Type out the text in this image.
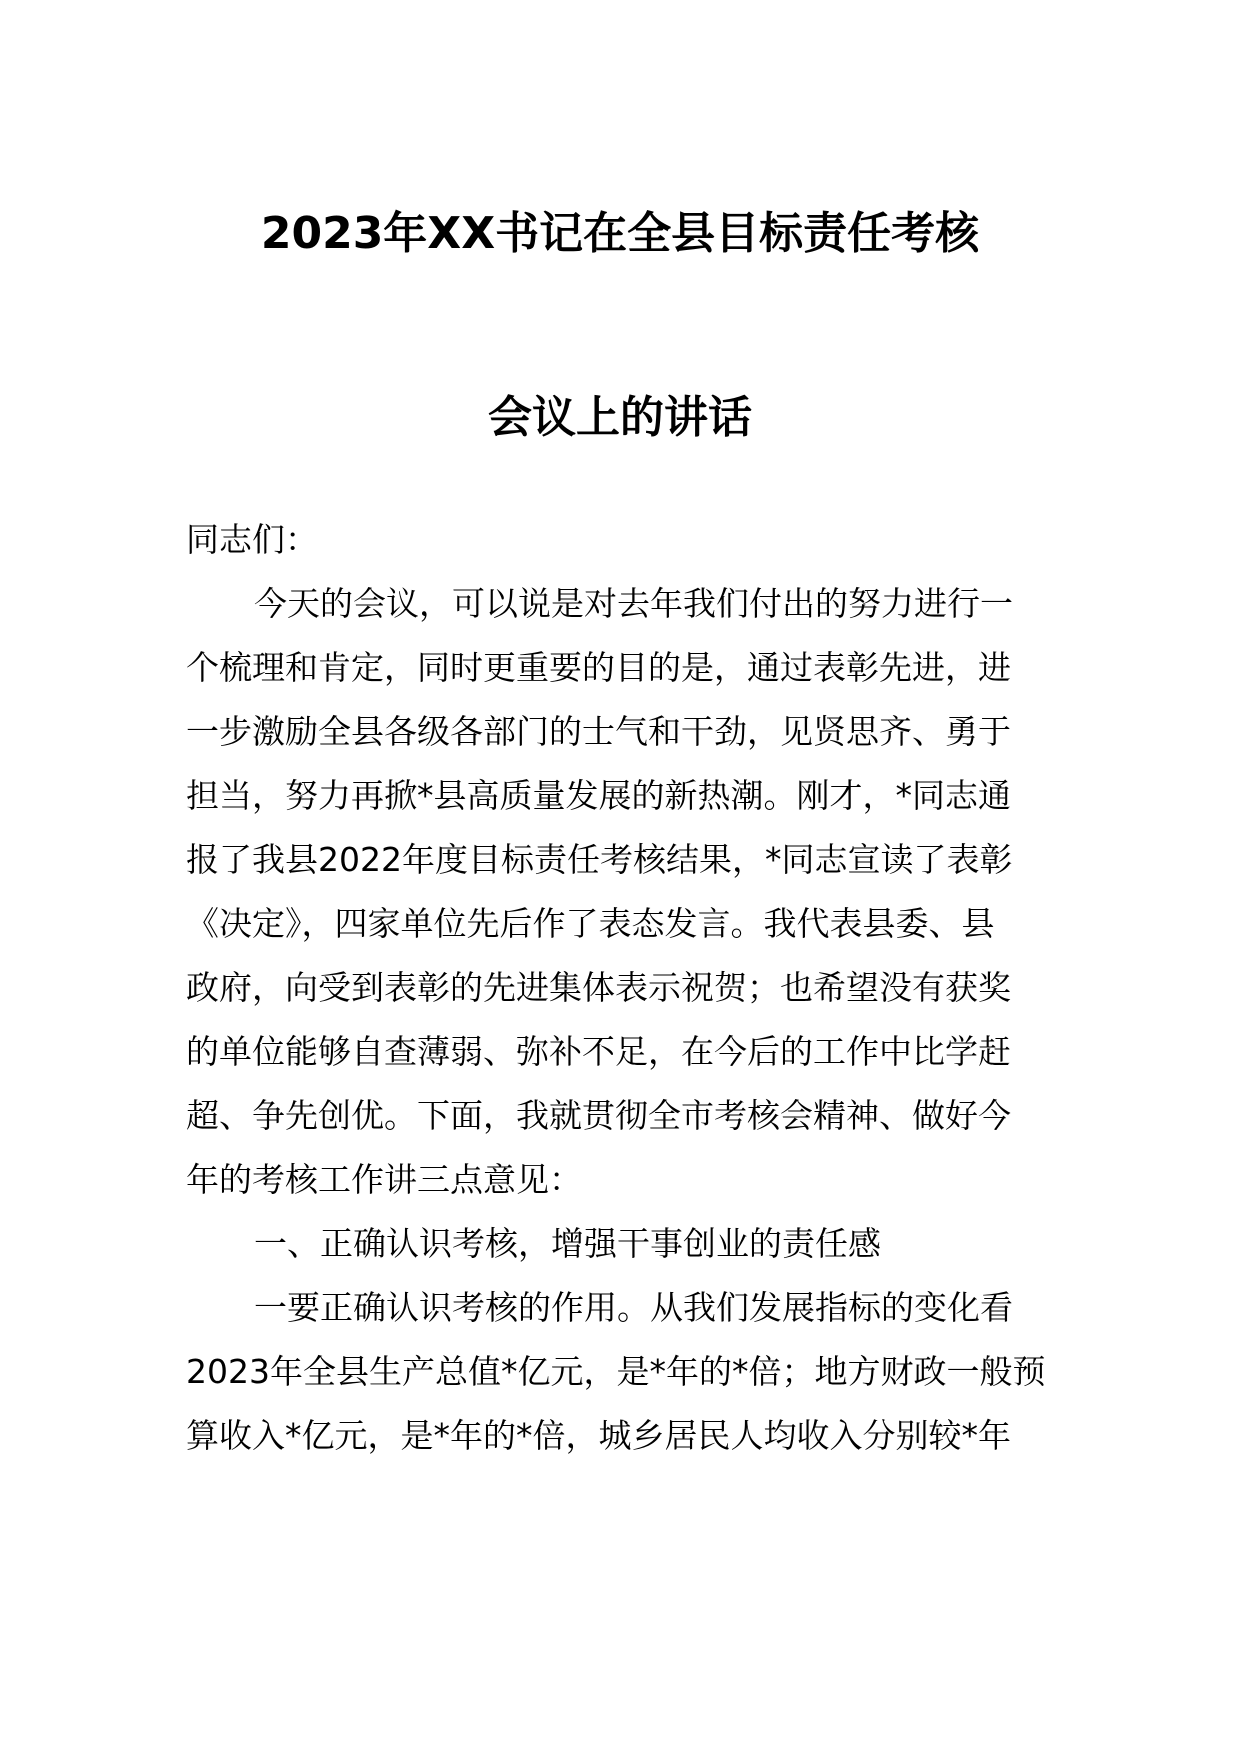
2023年XX书记在全县目标责任考核
会议上的讲话
同志们：
今天的会议，可以说是对去年我们付出的努力进行一
个梳理和肯定，同时更重要的目的是，通过表彰先进，进
一步激励全县各级各部门的士气和干劲，见贤思齐、勇于
担当，努力再掀*县高质量发展的新热潮。刚才，*同志通
报了我县2022年度目标责任考核结果，*同志宣读了表彰
《决定》，四家单位先后作了表态发言。我代表县委、县
政府，向受到表彰的先进集体表示祝贺；也希望没有获奖
的单位能够自查薄弱、弥补不足，在今后的工作中比学赶
超、争先创优。下面，我就贯彻全市考核会精神、做好今
年的考核工作讲三点意见：
一、正确认识考核，增强干事创业的责任感
一要正确认识考核的作用。从我们发展指标的变化看
2023年全县生产总值*亿元，是*年的*倍；地方财政一般预
算收入*亿元，是*年的*倍，城乡居民人均收入分别较*年
